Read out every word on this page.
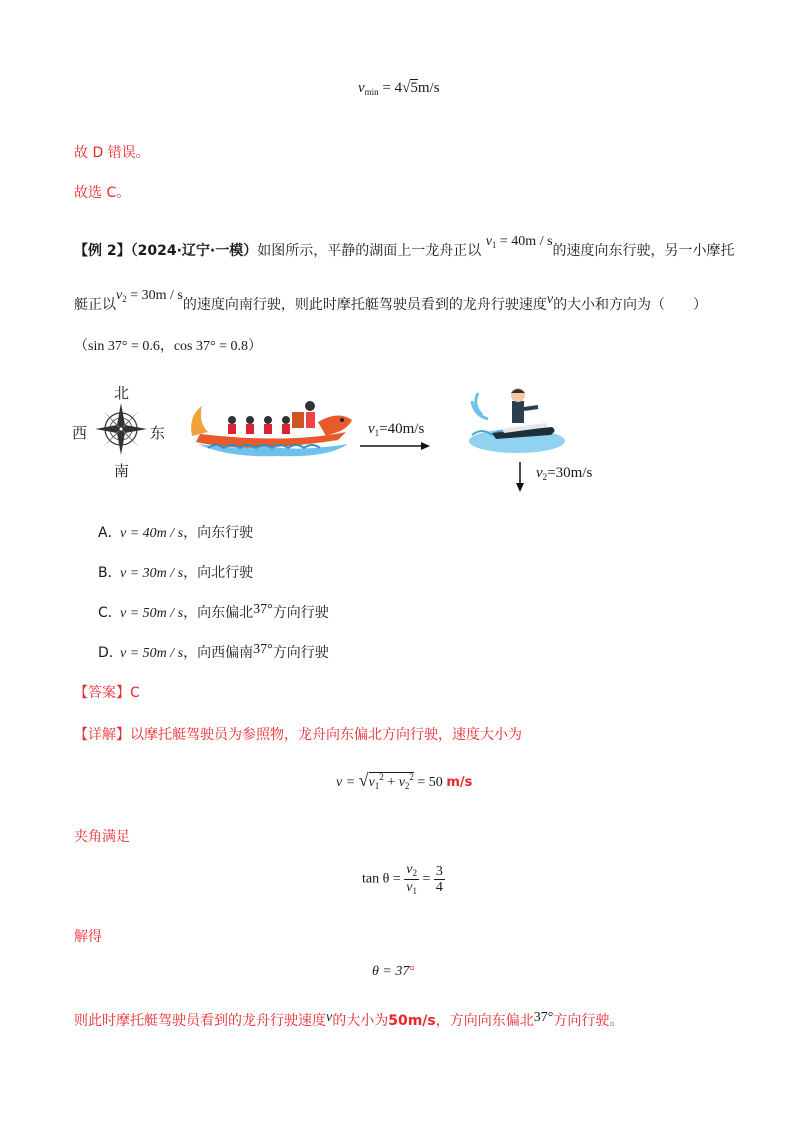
$v_{min} = 4√5m/s$
故 D 错误。
故选 C。
【例 2】（2024·辽宁·一模）如图所示，平静的湖面上一龙舟正以 $v_1 = 40m / s$的速度向东行驶，另一小摩托
艇正以$v_2 = 30m / s$的速度向南行驶，则此时摩托艇驾驶员看到的龙舟行驶速度v的大小和方向为（　　）
（sin 37° = 0.6，cos 37° = 0.8）
北
南
西	东	$v_1=40m/s$
$v_2=30m/s$
A．v = 40m / s，向东行驶
B．v = 30m / s，向北行驶
C．v = 50m / s，向东偏北37°方向行驶
D．v = 50m / s，向西偏南37°方向行驶
【答案】C
【详解】以摩托艇驾驶员为参照物，龙舟向东偏北方向行驶，速度大小为
$v = √v_1^2 + v_2^2 = 50$ m/s
夹角满足
$\tan \theta = \frac{v_2}{v_1} = \frac{3}{4}$
解得
θ = 37°
则此时摩托艇驾驶员看到的龙舟行驶速度v的大小为50m/s，方向向东偏北37°方向行驶。
